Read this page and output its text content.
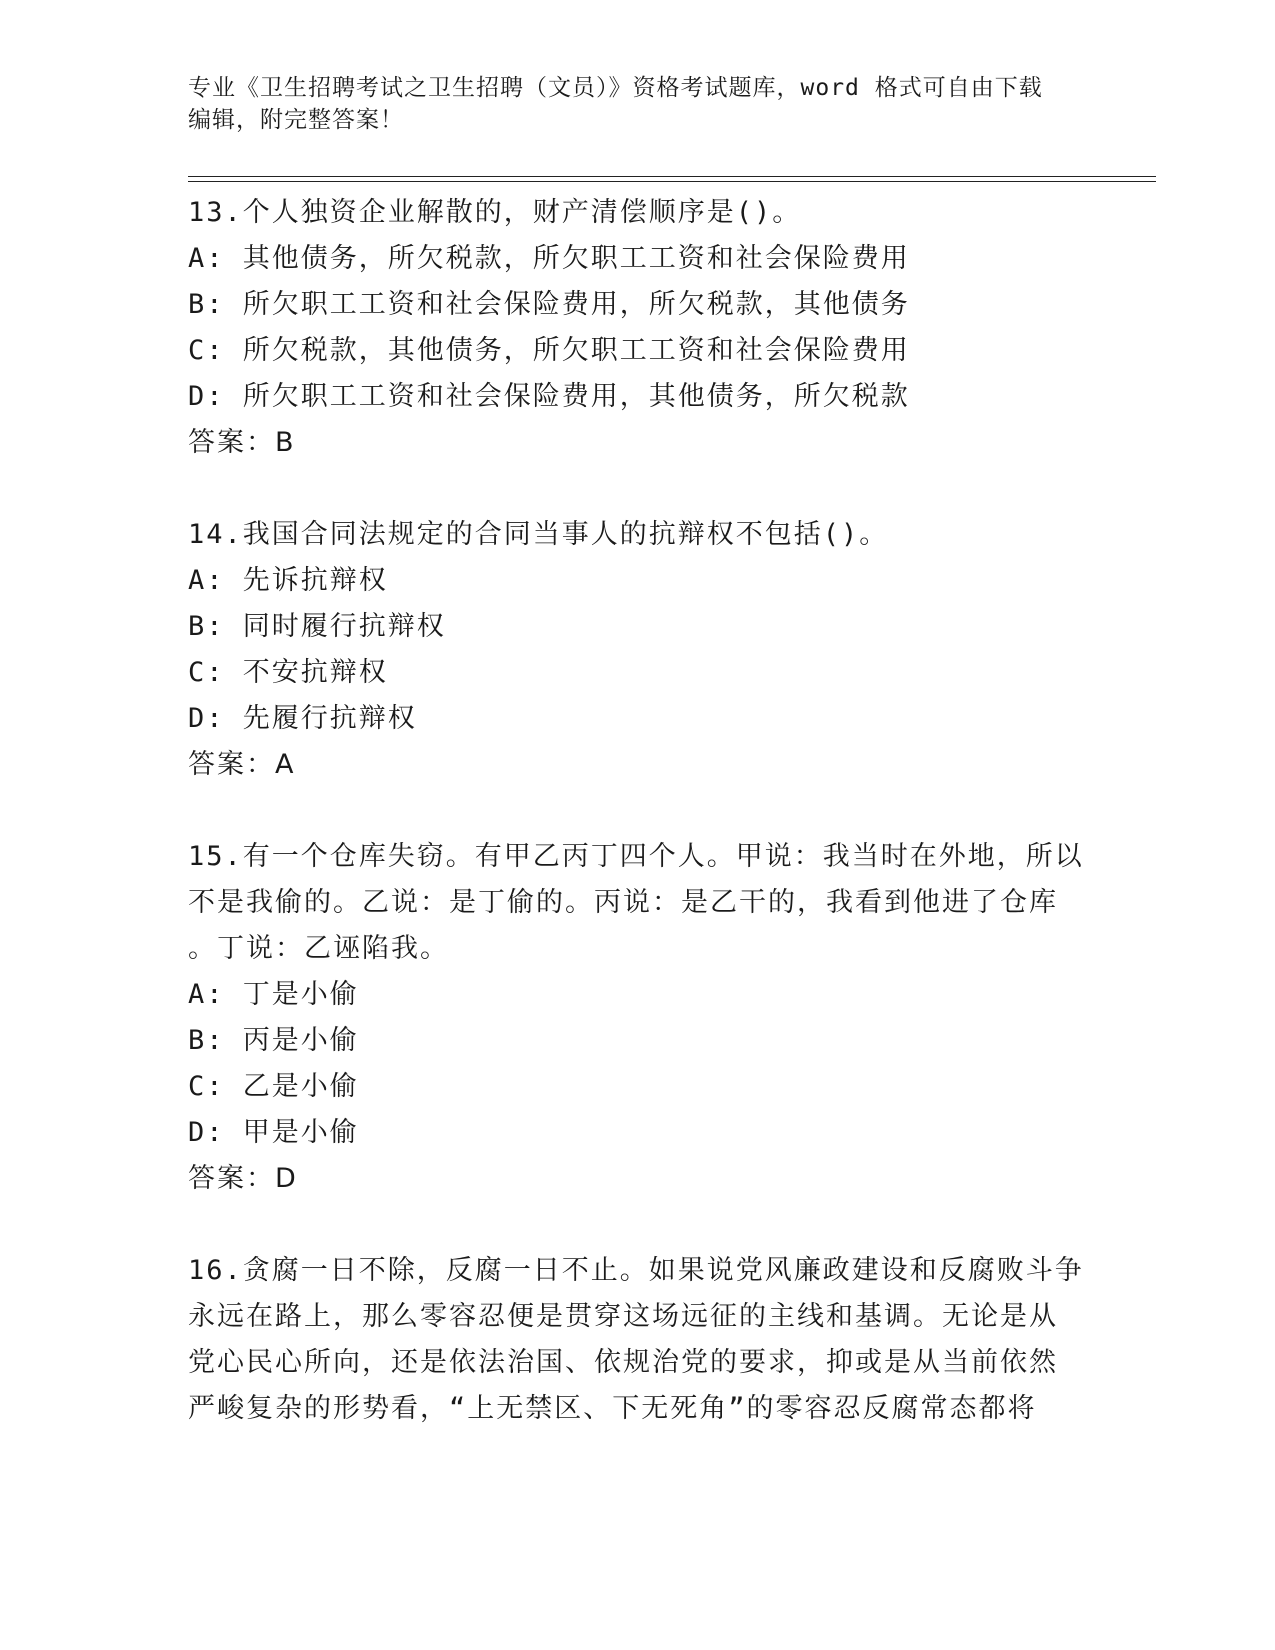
专业《卫生招聘考试之卫生招聘（文员）》资格考试题库，word 格式可自由下载
编辑，附完整答案！
13.个人独资企业解散的，财产清偿顺序是()。
A: 其他债务，所欠税款，所欠职工工资和社会保险费用
B: 所欠职工工资和社会保险费用，所欠税款，其他债务
C: 所欠税款，其他债务，所欠职工工资和社会保险费用
D: 所欠职工工资和社会保险费用，其他债务，所欠税款
答案：B
14.我国合同法规定的合同当事人的抗辩权不包括()。
A: 先诉抗辩权
B: 同时履行抗辩权
C: 不安抗辩权
D: 先履行抗辩权
答案：A
15.有一个仓库失窃。有甲乙丙丁四个人。甲说：我当时在外地，所以
不是我偷的。乙说：是丁偷的。丙说：是乙干的，我看到他进了仓库
。丁说：乙诬陷我。
A: 丁是小偷
B: 丙是小偷
C: 乙是小偷
D: 甲是小偷
答案：D
16.贪腐一日不除，反腐一日不止。如果说党风廉政建设和反腐败斗争
永远在路上，那么零容忍便是贯穿这场远征的主线和基调。无论是从
党心民心所向，还是依法治国、依规治党的要求，抑或是从当前依然
严峻复杂的形势看，“上无禁区、下无死角”的零容忍反腐常态都将
